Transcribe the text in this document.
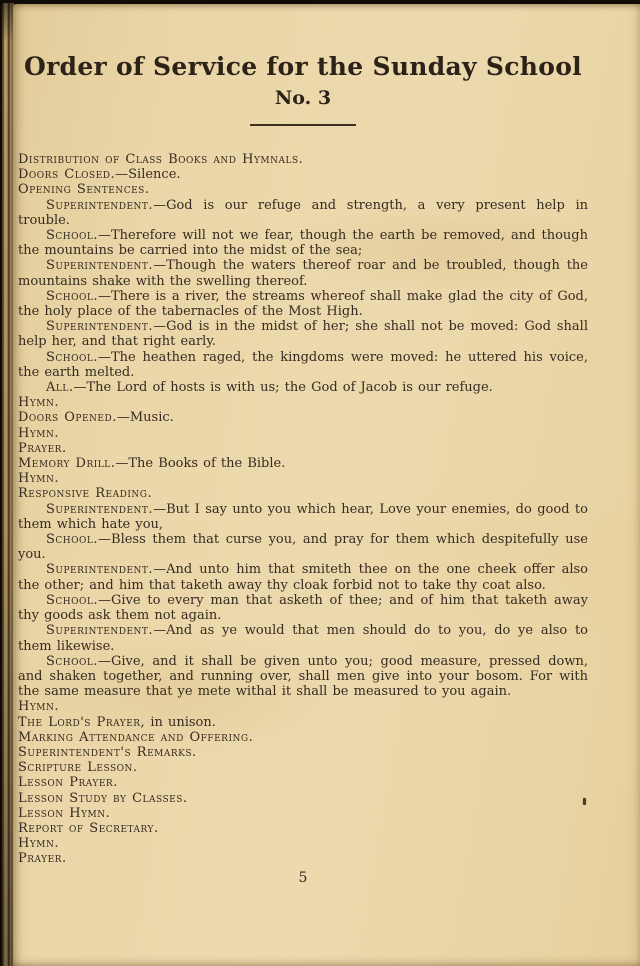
Order of Service for the Sunday School
No. 3

Distribution of Class Books and Hymnals.

Doors Closed.—Silence.

Opening Sentences.

Superintendent.—God is our refuge and strength, a very present help in trouble.

School.—Therefore will not we fear, though the earth be removed, and though the mountains be carried into the midst of the sea;

Superintendent.—Though the waters thereof roar and be troubled, though the mountains shake with the swelling thereof.

School.—There is a river, the streams whereof shall make glad the city of God, the holy place of the tabernacles of the Most High.

Superintendent.—God is in the midst of her; she shall not be moved: God shall help her, and that right early.

School.—The heathen raged, the kingdoms were moved: he uttered his voice, the earth melted.

All.—The Lord of hosts is with us; the God of Jacob is our refuge.

Hymn.

Doors Opened.—Music.

Hymn.

Prayer.

Memory Drill.—The Books of the Bible.

Hymn.

Responsive Reading.

Superintendent.—But I say unto you which hear, Love your enemies, do good to them which hate you,

School.—Bless them that curse you, and pray for them which despitefully use you.

Superintendent.—And unto him that smiteth thee on the one cheek offer also the other; and him that taketh away thy cloak forbid not to take thy coat also.

School.—Give to every man that asketh of thee; and of him that taketh away thy goods ask them not again.

Superintendent.—And as ye would that men should do to you, do ye also to them likewise.

School.—Give, and it shall be given unto you; good measure, pressed down, and shaken together, and running over, shall men give into your bosom. For with the same measure that ye mete withal it shall be measured to you again.

Hymn.

The Lord's Prayer, in unison.

Marking Attendance and Offering.

Superintendent's Remarks.

Scripture Lesson.

Lesson Prayer.

Lesson Study by Classes.

Lesson Hymn.

Report of Secretary.

Hymn.

Prayer.

5
